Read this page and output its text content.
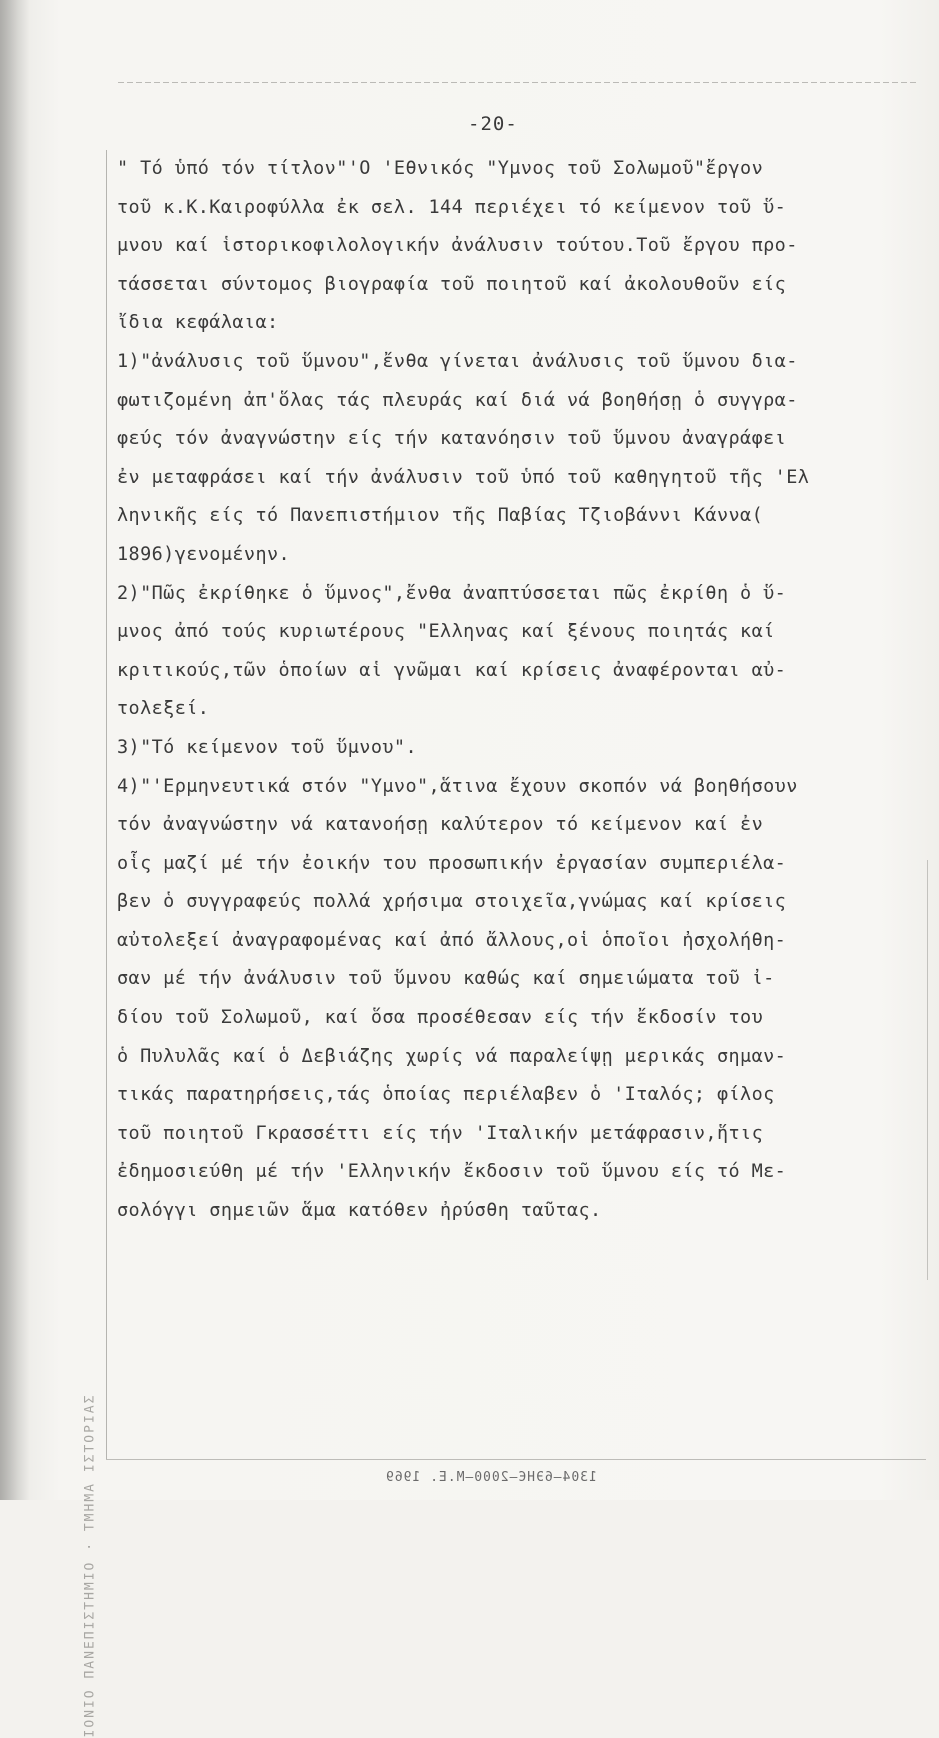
-20-
" Τό ὑπό τόν τίτλον"'Ο 'Εθνικός "Υμνος τοῦ Σολωμοῦ"ἔργον
τοῦ κ.Κ.Καιροφύλλα ἐκ σελ. 144 περιέχει τό κείμενον τοῦ ὕ-
μνου καί ἱστορικοφιλολογικήν ἀνάλυσιν τούτου.Τοῦ ἔργου προ-
τάσσεται σύντομος βιογραφία τοῦ ποιητοῦ καί ἀκολουθοῦν είς
ἴδια κεφάλαια:
1)"ἀνάλυσις τοῦ ὕμνου",ἔνθα γίνεται ἀνάλυσις τοῦ ὕμνου δια-
φωτιζομένη ἀπ'ὅλας τάς πλευράς καί διά νά βοηθήσῃ ὁ συγγρα-
φεύς τόν ἀναγνώστην είς τήν κατανόησιν τοῦ ὕμνου ἀναγράφει
ἐν μεταφράσει καί τήν ἀνάλυσιν τοῦ ὑπό τοῦ καθηγητοῦ τῆς 'Ελ
ληνικῆς είς τό Πανεπιστήμιον τῆς Παβίας Τζιοβάννι Κάννα(
1896)γενομένην.
2)"Πῶς ἐκρίθηκε ὁ ὕμνος",ἔνθα ἀναπτύσσεται πῶς ἐκρίθη ὁ ὕ-
μνος ἀπό τούς κυριωτέρους "Ελληνας καί ξένους ποιητάς καί
κριτικούς,τῶν ὁποίων αἱ γνῶμαι καί κρίσεις ἀναφέρονται αὐ-
τολεξεί.
3)"Τό κείμενον τοῦ ὕμνου".
4)"'Ερμηνευτικά στόν "Υμνο",ἅτινα ἔχουν σκοπόν νά βοηθήσουν
τόν ἀναγνώστην νά κατανοήσῃ καλύτερον τό κείμενον καί ἐν
οἷς μαζί μέ τήν ἐοικήν του προσωπικήν ἐργασίαν συμπεριέλα-
βεν ὁ συγγραφεύς πολλά χρήσιμα στοιχεῖα,γνώμας καί κρίσεις
αὐτολεξεί ἀναγραφομένας καί ἀπό ἄλλους,οἱ ὁποῖοι ἠσχολήθη-
σαν μέ τήν ἀνάλυσιν τοῦ ὕμνου καθώς καί σημειώματα τοῦ ἰ-
δίου τοῦ Σολωμοῦ, καί ὅσα προσέθεσαν είς τήν ἔκδοσίν του
ὁ Πυλυλᾶς καί ὁ Δεβιάζης χωρίς νά παραλείψῃ μερικάς σημαν-
τικάς παρατηρήσεις,τάς ὁποίας περιέλαβεν ὁ 'Ιταλός; φίλος
τοῦ ποιητοῦ Γκρασσέττι είς τήν 'Ιταλικήν μετάφρασιν,ἥτις
ἐδημοσιεύθη μέ τήν 'Ελληνικήν ἔκδοσιν τοῦ ὕμνου είς τό Με-
σολόγγι σημειῶν ἅμα κατόθεν ἠρύσθη ταῦτας.
1304—6ЭНЄ—2000—М.Е. 1969
ΙΟΝΙΟ ΠΑΝΕΠΙΣΤΗΜΙΟ · ΤΜΗΜΑ ΙΣΤΟΡΙΑΣ
